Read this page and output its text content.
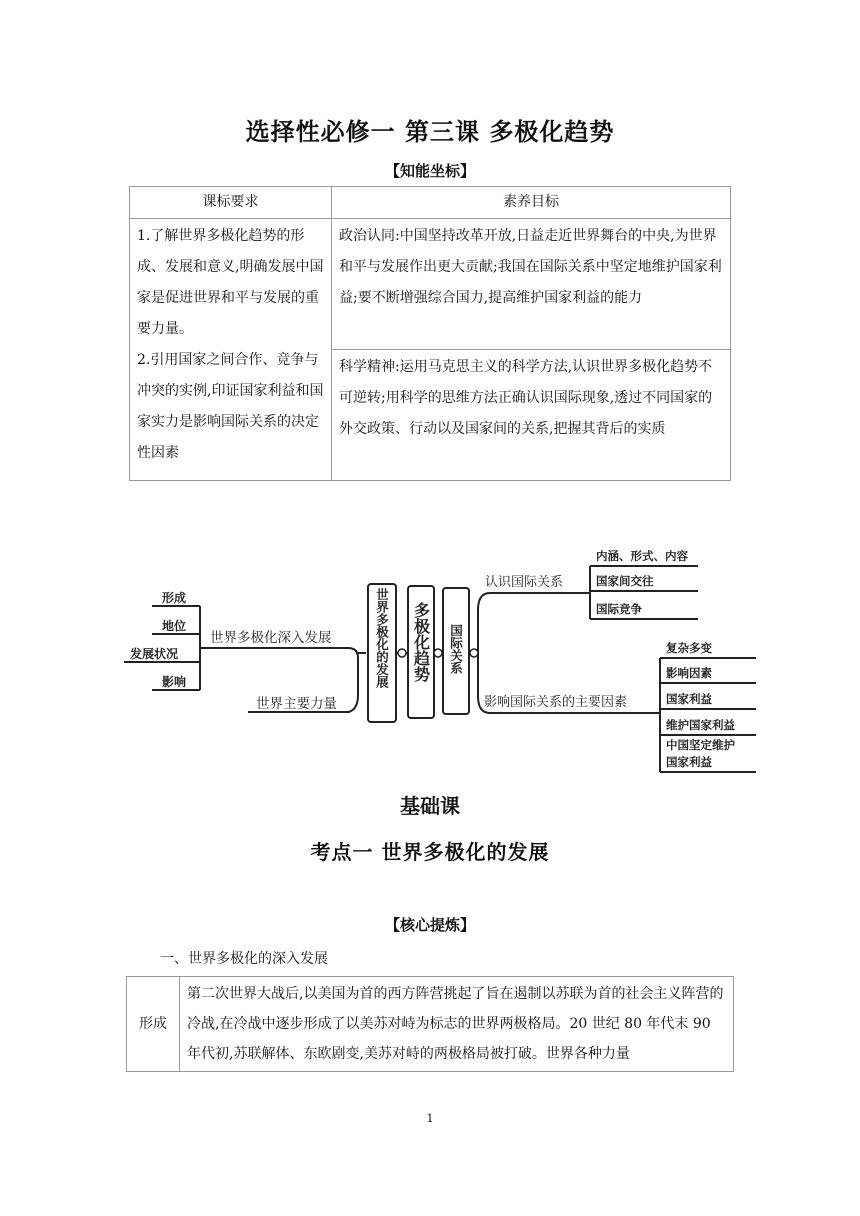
选择性必修一 第三课 多极化趋势
【知能坐标】
课标要求	素养目标
1.了解世界多极化趋势的形成、发展和意义,明确发展中国家是促进世界和平与发展的重要力量。
2.引用国家之间合作、竞争与冲突的实例,印证国家利益和国家实力是影响国际关系的决定性因素	政治认同:中国坚持改革开放,日益走近世界舞台的中央,为世界和平与发展作出更大贡献;我国在国际关系中坚定地维护国家利益;要不断增强综合国力,提高维护国家利益的能力
	科学精神:运用马克思主义的科学方法,认识世界多极化趋势不可逆转;用科学的思维方法正确认识国际现象,透过不同国家的外交政策、行动以及国家间的关系,把握其背后的实质
形成
地位
发展状况
影响
世界多极化深入发展
世界主要力量
世界多极化的发展 多极化趋势 国际关系
认识国际关系
内涵、形式、内容
国家间交往
国际竞争
影响国际关系的主要因素
复杂多变
影响因素
国家利益
维护国家利益
中国坚定维护
国家利益
基础课
考点一 世界多极化的发展
【核心提炼】
一、世界多极化的深入发展
形成	第二次世界大战后,以美国为首的西方阵营挑起了旨在遏制以苏联为首的社会主义阵营的冷战,在冷战中逐步形成了以美苏对峙为标志的世界两极格局。20 世纪 80 年代末 90 年代初,苏联解体、东欧剧变,美苏对峙的两极格局被打破。世界各种力量
1
